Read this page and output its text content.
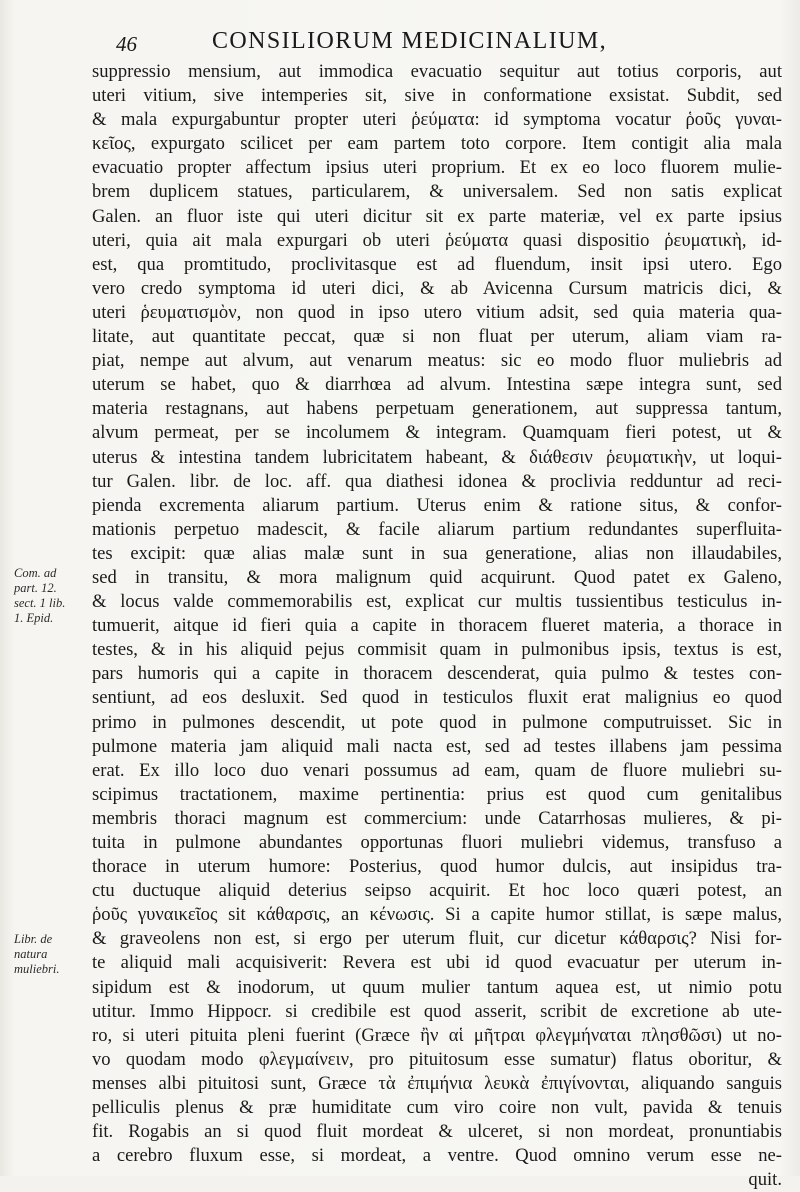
46	CONSILIORUM MEDICINALIUM,
Com. ad
part. 12.
sect. 1 lib.
1. Epid.
Libr. de
natura
muliebri.
suppressio mensium, aut immodica evacuatio sequitur aut totius corporis, aut
uteri vitium, sive intemperies sit, sive in conformatione exsistat. Subdit, sed
& mala expurgabuntur propter uteri ῥεύματα: id symptoma vocatur ῥοῦς γυναι-
κεῖος, expurgato scilicet per eam partem toto corpore. Item contigit alia mala
evacuatio propter affectum ipsius uteri proprium. Et ex eo loco fluorem mulie-
brem duplicem statues, particularem, & universalem. Sed non satis explicat
Galen. an fluor iste qui uteri dicitur sit ex parte materiæ, vel ex parte ipsius
uteri, quia ait mala expurgari ob uteri ῥεύματα quasi dispositio ῥευματικὴ, id-
est, qua promtitudo, proclivitasque est ad fluendum, insit ipsi utero. Ego
vero credo symptoma id uteri dici, & ab Avicenna Cursum matricis dici, &
uteri ῥευματισμὸν, non quod in ipso utero vitium adsit, sed quia materia qua-
litate, aut quantitate peccat, quæ si non fluat per uterum, aliam viam ra-
piat, nempe aut alvum, aut venarum meatus: sic eo modo fluor muliebris ad
uterum se habet, quo & diarrhœa ad alvum. Intestina sæpe integra sunt, sed
materia restagnans, aut habens perpetuam generationem, aut suppressa tantum,
alvum permeat, per se incolumem & integram. Quamquam fieri potest, ut &
uterus & intestina tandem lubricitatem habeant, & διάθεσιν ῥευματικὴν, ut loqui-
tur Galen. libr. de loc. aff. qua diathesi idonea & proclivia redduntur ad reci-
pienda excrementa aliarum partium. Uterus enim & ratione situs, & confor-
mationis perpetuo madescit, & facile aliarum partium redundantes superfluita-
tes excipit: quæ alias malæ sunt in sua generatione, alias non illaudabiles,
sed in transitu, & mora malignum quid acquirunt. Quod patet ex Galeno,
& locus valde commemorabilis est, explicat cur multis tussientibus testiculus in-
tumuerit, aitque id fieri quia a capite in thoracem flueret materia, a thorace in
testes, & in his aliquid pejus commisit quam in pulmonibus ipsis, textus is est,
pars humoris qui a capite in thoracem descenderat, quia pulmo & testes con-
sentiunt, ad eos desluxit. Sed quod in testiculos fluxit erat malignius eo quod
primo in pulmones descendit, ut pote quod in pulmone computruisset. Sic in
pulmone materia jam aliquid mali nacta est, sed ad testes illabens jam pessima
erat. Ex illo loco duo venari possumus ad eam, quam de fluore muliebri su-
scipimus tractationem, maxime pertinentia: prius est quod cum genitalibus
membris thoraci magnum est commercium: unde Catarrhosas mulieres, & pi-
tuita in pulmone abundantes opportunas fluori muliebri videmus, transfuso a
thorace in uterum humore: Posterius, quod humor dulcis, aut insipidus tra-
ctu ductuque aliquid deterius seipso acquirit. Et hoc loco quæri potest, an
ῥοῦς γυναικεῖος sit κάθαρσις, an κένωσις. Si a capite humor stillat, is sæpe malus,
& graveolens non est, si ergo per uterum fluit, cur dicetur κάθαρσις? Nisi for-
te aliquid mali acquisiverit: Revera est ubi id quod evacuatur per uterum in-
sipidum est & inodorum, ut quum mulier tantum aquea est, ut nimio potu
utitur. Immo Hippocr. si credibile est quod asserit, scribit de excretione ab ute-
ro, si uteri pituita pleni fuerint (Græce ἢν αἱ μῆτραι φλεγμήναται πλησθῶσι) ut no-
vo quodam modo φλεγμαίνειν, pro pituitosum esse sumatur) flatus oboritur, &
menses albi pituitosi sunt, Græce τὰ ἐπιμήνια λευκὰ ἐπιγίνονται, aliquando sanguis
pelliculis plenus & præ humiditate cum viro coire non vult, pavida & tenuis
fit. Rogabis an si quod fluit mordeat & ulceret, si non mordeat, pronuntiabis
a cerebro fluxum esse, si mordeat, a ventre. Quod omnino verum esse ne-
quit.
